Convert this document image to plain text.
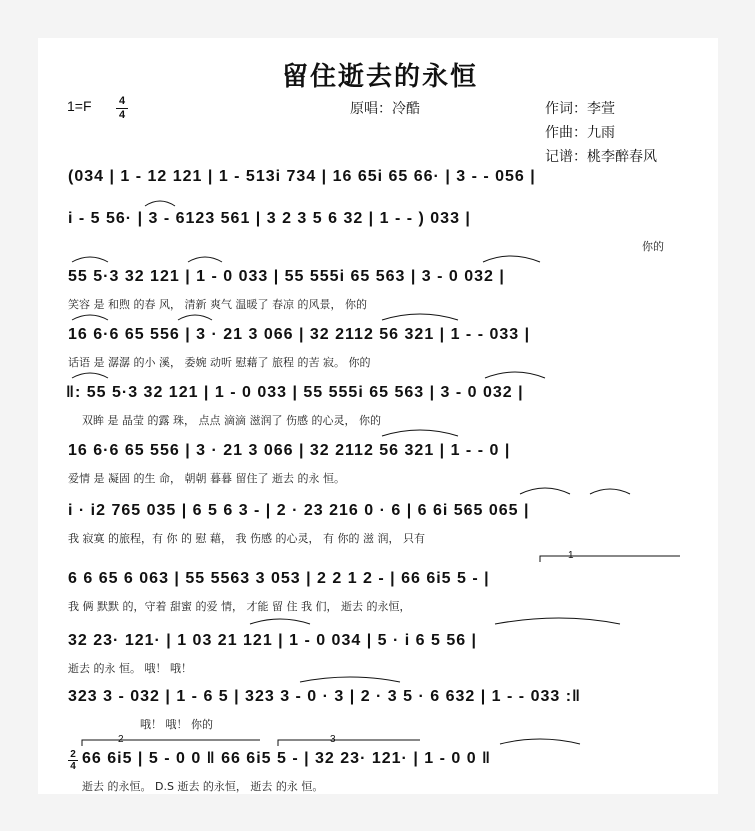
留住逝去的永恒
1=F 4
4	原唱：冷酷	作词：李萱
作曲：九雨
记谱：桃李醉春风
(034 | 1 - 12 121 | 1 - 513i 734 | 16 65i 65 66· | 3 - - 056 |
i - 5 56· | 3 - 6123 561 | 3 2 3 5 6 32 | 1 - - ) 033 |
你的
55 5·3 32 121 | 1 - 0 033 | 55 555i 65 563 | 3 - 0 032 |
笑容 是 和煦 的春 风， 清新 爽气 温暖了 春凉 的风景， 你的
16 6·6 65 556 | 3 · 21 3 066 | 32 2112 56 321 | 1 - - 033 |
话语 是 潺潺 的小 溪， 委婉 动听 慰藉了 旅程 的苦 寂。 你的
‖: 55 5·3 32 121 | 1 - 0 033 | 55 555i 65 563 | 3 - 0 032 |
双眸 是 晶莹 的露 珠， 点点 滴滴 滋润了 伤感 的心灵， 你的
16 6·6 65 556 | 3 · 21 3 066 | 32 2112 56 321 | 1 - - 0 |
爱情 是 凝固 的生 命， 朝朝 暮暮 留住了 逝去 的永 恒。
i · i2 765 035 | 6 5 6 3 - | 2 · 23 216 0 · 6 | 6 6i 565 065 |
我 寂寞 的旅程，有 你 的 慰 藉， 我 伤感 的心灵， 有 你的 滋 润， 只有
6 6 65 6 063 | 55 5563 3 053 | 2 2 1 2 - | 66 6i5 5 - |
我 俩 默默 的，守着 甜蜜 的爱 情， 才能 留 住 我 们， 逝去 的永恒，
32 23· 121· | 1 03 21 121 | 1 - 0 034 | 5 · i 6 5 56 |
逝去 的永 恒。 哦！ 哦！
323 3 - 032 | 1 - 6 5 | 323 3 - 0 · 3 | 2 · 3 5 · 6 632 | 1 - - 033 :‖
哦！ 哦！ 你的
66 6i5 | 5 - 0 0 ‖ 66 6i5 5 - | 32 23· 121· | 1 - 0 0 ‖
逝去 的永恒。 D.S 逝去 的永恒， 逝去 的永 恒。
2
4
1
2	3
